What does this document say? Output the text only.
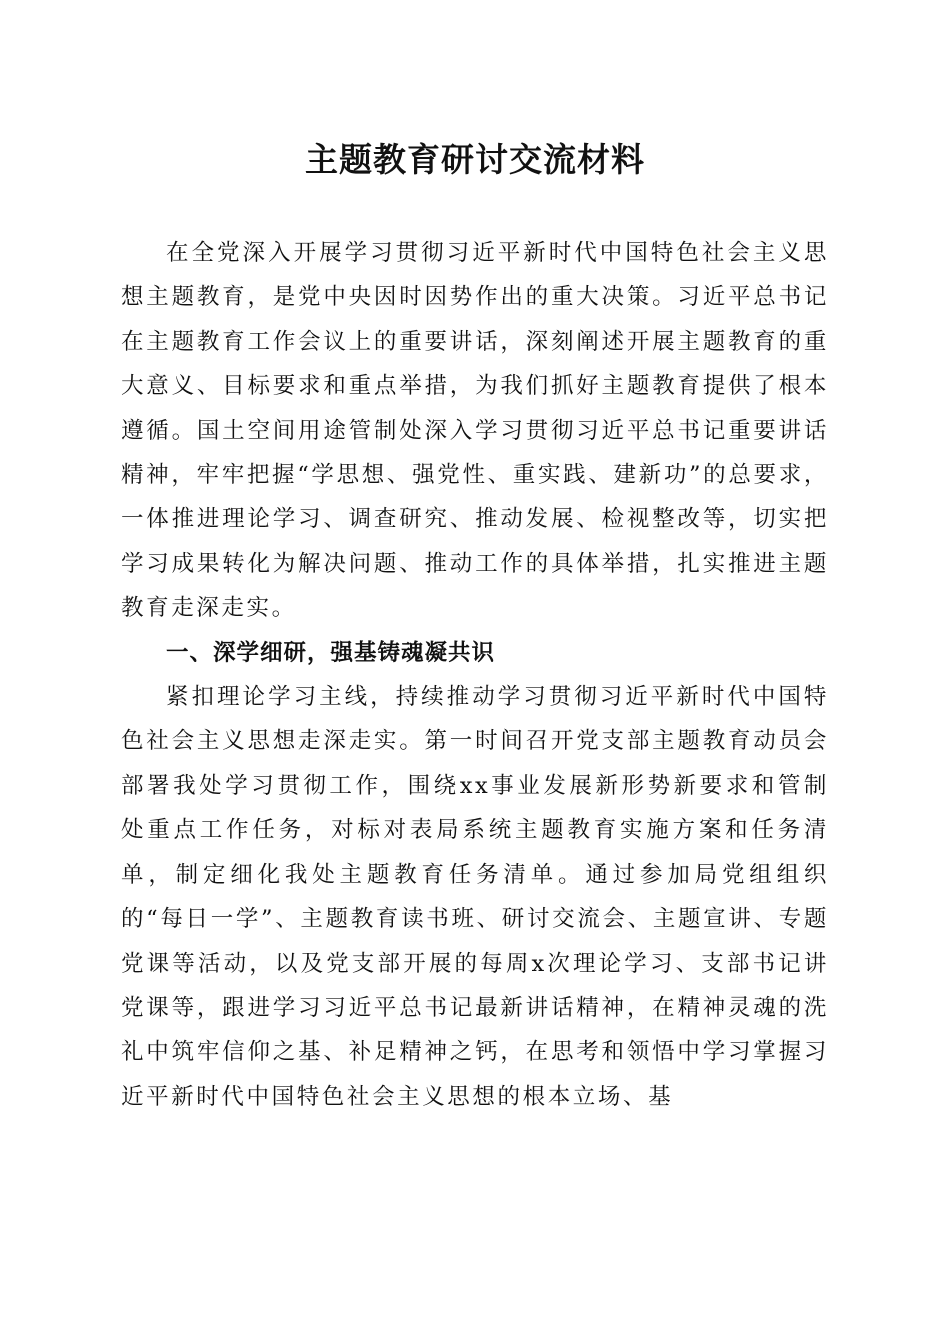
主题教育研讨交流材料

在全党深入开展学习贯彻习近平新时代中国特色社会主义思想主题教育，是党中央因时因势作出的重大决策。习近平总书记在主题教育工作会议上的重要讲话，深刻阐述开展主题教育的重大意义、目标要求和重点举措，为我们抓好主题教育提供了根本遵循。国土空间用途管制处深入学习贯彻习近平总书记重要讲话精神，牢牢把握“学思想、强党性、重实践、建新功”的总要求，一体推进理论学习、调查研究、推动发展、检视整改等，切实把学习成果转化为解决问题、推动工作的具体举措，扎实推进主题教育走深走实。

一、深学细研，强基铸魂凝共识

紧扣理论学习主线，持续推动学习贯彻习近平新时代中国特色社会主义思想走深走实。第一时间召开党支部主题教育动员会部署我处学习贯彻工作，围绕xx事业发展新形势新要求和管制处重点工作任务，对标对表局系统主题教育实施方案和任务清单，制定细化我处主题教育任务清单。通过参加局党组组织的“每日一学”、主题教育读书班、研讨交流会、主题宣讲、专题党课等活动，以及党支部开展的每周x次理论学习、支部书记讲党课等，跟进学习习近平总书记最新讲话精神，在精神灵魂的洗礼中筑牢信仰之基、补足精神之钙，在思考和领悟中学习掌握习近平新时代中国特色社会主义思想的根本立场、基
